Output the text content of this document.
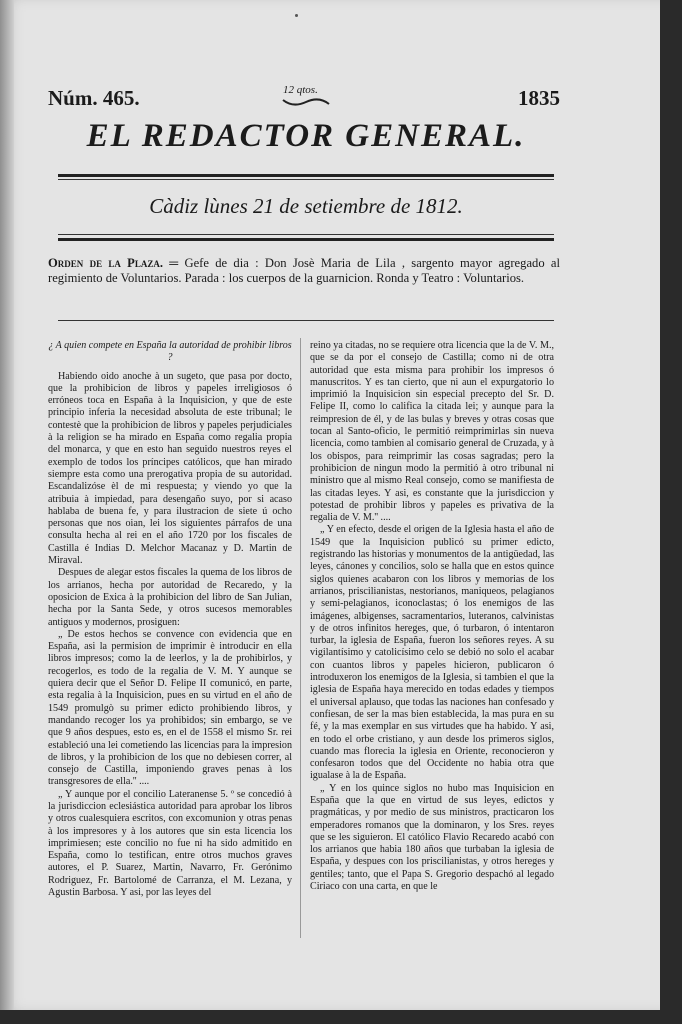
Núm. 465.	1835
12 qtos.
EL REDACTOR GENERAL.
Càdiz lùnes 21 de setiembre de 1812.

Orden de la Plaza. ═ Gefe de dia : Don Josè Maria de Lila , sargento mayor agregado al regimiento de Voluntarios. Parada : los cuerpos de la guarnicion. Ronda y Teatro : Voluntarios.

¿ A quien compete en España la autoridad de prohibir libros ?

Habiendo oido anoche à un sugeto, que pasa por docto, que la prohibicion de libros y papeles irreligiosos ó erróneos toca en España à la Inquisicion, y que de este principio inferia la necesidad absoluta de este tribunal; le contestè que la prohibicion de libros y papeles perjudiciales à la religion se ha mirado en España como regalia propia del monarca, y que en esto han seguido nuestros reyes el exemplo de todos los príncipes católicos, que han mirado siempre esta como una prerogativa propia de su autoridad. Escandalizóse èl de mi respuesta; y viendo yo que la atribuia à impiedad, para desengaño suyo, por si acaso hablaba de buena fe, y para ilustracion de siete ú ocho personas que nos oian, lei los siguientes párrafos de una consulta hecha al rei en el año 1720 por los fiscales de Castilla é Indias D. Melchor Macanaz y D. Martin de Miraval.

Despues de alegar estos fiscales la quema de los libros de los arrianos, hecha por autoridad de Recaredo, y la oposicion de Exica à la prohibicion del libro de San Julian, hecha por la Santa Sede, y otros sucesos memorables antiguos y modernos, prosiguen:

„ De estos hechos se convence con evidencia que en España, asi la permision de imprimir è introducir en ella libros impresos; como la de leerlos, y la de prohibirlos, y recogerlos, es todo de la regalia de V. M. Y aunque se quiera decir que el Señor D. Felipe II comunicó, en parte, esta regalia à la Inquisicion, pues en su virtud en el año de 1549 promulgò su primer edicto prohibiendo libros, y mandando recoger los ya prohibidos; sin embargo, se ve que 9 años despues, esto es, en el de 1558 el mismo Sr. rei estableció una lei cometiendo las licencias para la impresion de libros, y la prohibicion de los que no debiesen correr, al consejo de Castilla, imponiendo graves penas à los transgresores de ella.'' ....

„ Y aunque por el concilio Lateranense 5. º se concedió à la jurisdiccion eclesiástica autoridad para aprobar los libros y otros cualesquiera escritos, con excomunion y otras penas à los impresores y à los autores que sin esta licencia los imprimiesen; este concilio no fue ni ha sido admitido en España, como lo testifican, entre otros muchos graves autores, el P. Suarez, Martin, Navarro, Fr. Gerónimo Rodriguez, Fr. Bartolomé de Carranza, el M. Lezana, y Agustin Barbosa. Y asi, por las leyes del

reino ya citadas, no se requiere otra licencia que la de V. M., que se da por el consejo de Castilla; como ni de otra autoridad que esta misma para prohibir los impresos ó manuscritos. Y es tan cierto, que ni aun el expurgatorio lo imprimió la Inquisicion sin especial precepto del Sr. D. Felipe II, como lo califica la citada lei; y aunque para la reimpresion de él, y de las bulas y breves y otras cosas que tocan al Santo-oficio, le permitió reimprimirlas sin nueva licencia, como tambien al comisario general de Cruzada, y à los obispos, para reimprimir las cosas sagradas; pero la prohibicion de ningun modo la permitió à otro tribunal ni ministro que al mismo Real consejo, como se manifiesta de las citadas leyes. Y asi, es constante que la jurisdiccion y potestad de prohibir libros y papeles es privativa de la regalia de V. M.'' ....

„ Y en efecto, desde el origen de la Iglesia hasta el año de 1549 que la Inquisicion publicó su primer edicto, registrando las historias y monumentos de la antigüedad, las leyes, cánones y concilios, solo se halla que en estos quince siglos quienes acabaron con los libros y memorias de los arrianos, priscilianistas, nestorianos, maniqueos, pelagianos y semi-pelagianos, iconoclastas; ó los enemigos de las imágenes, albigenses, sacramentarios, luteranos, calvinistas y de otros infinitos hereges, que, ó turbaron, ó intentaron turbar, la iglesia de España, fueron los señores reyes. A su vigilantísimo y catolicísimo celo se debió no solo el acabar con cuantos libros y papeles hicieron, publicaron ó introduxeron los enemigos de la Iglesia, si tambien el que la iglesia de España haya merecido en todas edades y tiempos el universal aplauso, que todas las naciones han confesado y confiesan, de ser la mas bien establecida, la mas pura en su fé, y la mas exemplar en sus virtudes que ha habido. Y asi, en todo el orbe cristiano, y aun desde los primeros siglos, cuando mas florecia la iglesia en Oriente, reconocieron y confesaron todos que del Occidente no habia otra que igualase à la de España.

„ Y en los quince siglos no hubo mas Inquisicion en España que la que en virtud de sus leyes, edictos y pragmáticas, y por medio de sus ministros, practicaron los emperadores romanos que la dominaron, y los Sres. reyes que se les siguieron. El católico Flavio Recaredo acabó con los arrianos que habia 180 años que turbaban la iglesia de España, y despues con los priscilianistas, y otros hereges y gentiles; tanto, que el Papa S. Gregorio despachó al legado Ciriaco con una carta, en que le
